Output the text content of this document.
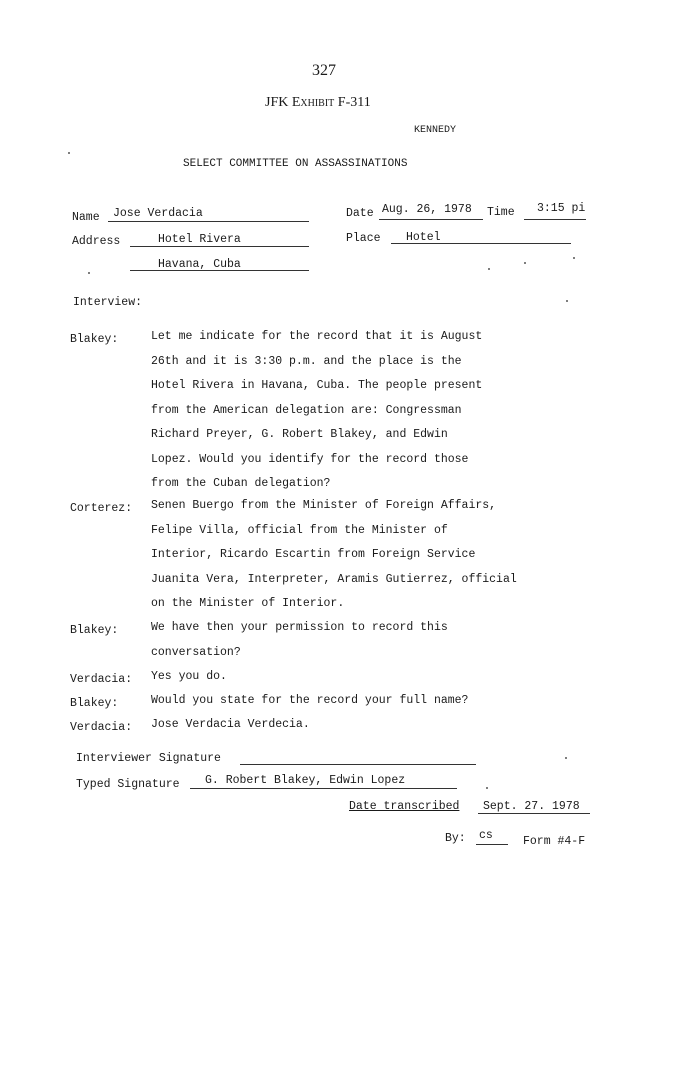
327
JFK Exhibit F-311
KENNEDY
SELECT COMMITTEE ON ASSASSINATIONS
Name Jose Verdacia
Address	Hotel Rivera
Havana, Cuba
Date Aug. 26, 1978 Time 3:15 pi
Place Hotel
Interview:
Blakey:	Let me indicate for the record that it is August
26th and it is 3:30 p.m. and the place is the
Hotel Rivera in Havana, Cuba. The people present
from the American delegation are: Congressman
Richard Preyer, G. Robert Blakey, and Edwin
Lopez. Would you identify for the record those
from the Cuban delegation?
Corterez: Senen Buergo from the Minister of Foreign Affairs,
Felipe Villa, official from the Minister of
Interior, Ricardo Escartin from Foreign Service
Juanita Vera, Interpreter, Aramis Gutierrez, official
on the Minister of Interior.
Blakey:	We have then your permission to record this
conversation?
Verdacia: Yes you do.
Blakey:	Would you state for the record your full name?
Verdacia: Jose Verdacia Verdecia.
Interviewer Signature
Typed Signature G. Robert Blakey, Edwin Lopez
Date transcribed Sept. 27. 1978
By: cs	Form #4-F
